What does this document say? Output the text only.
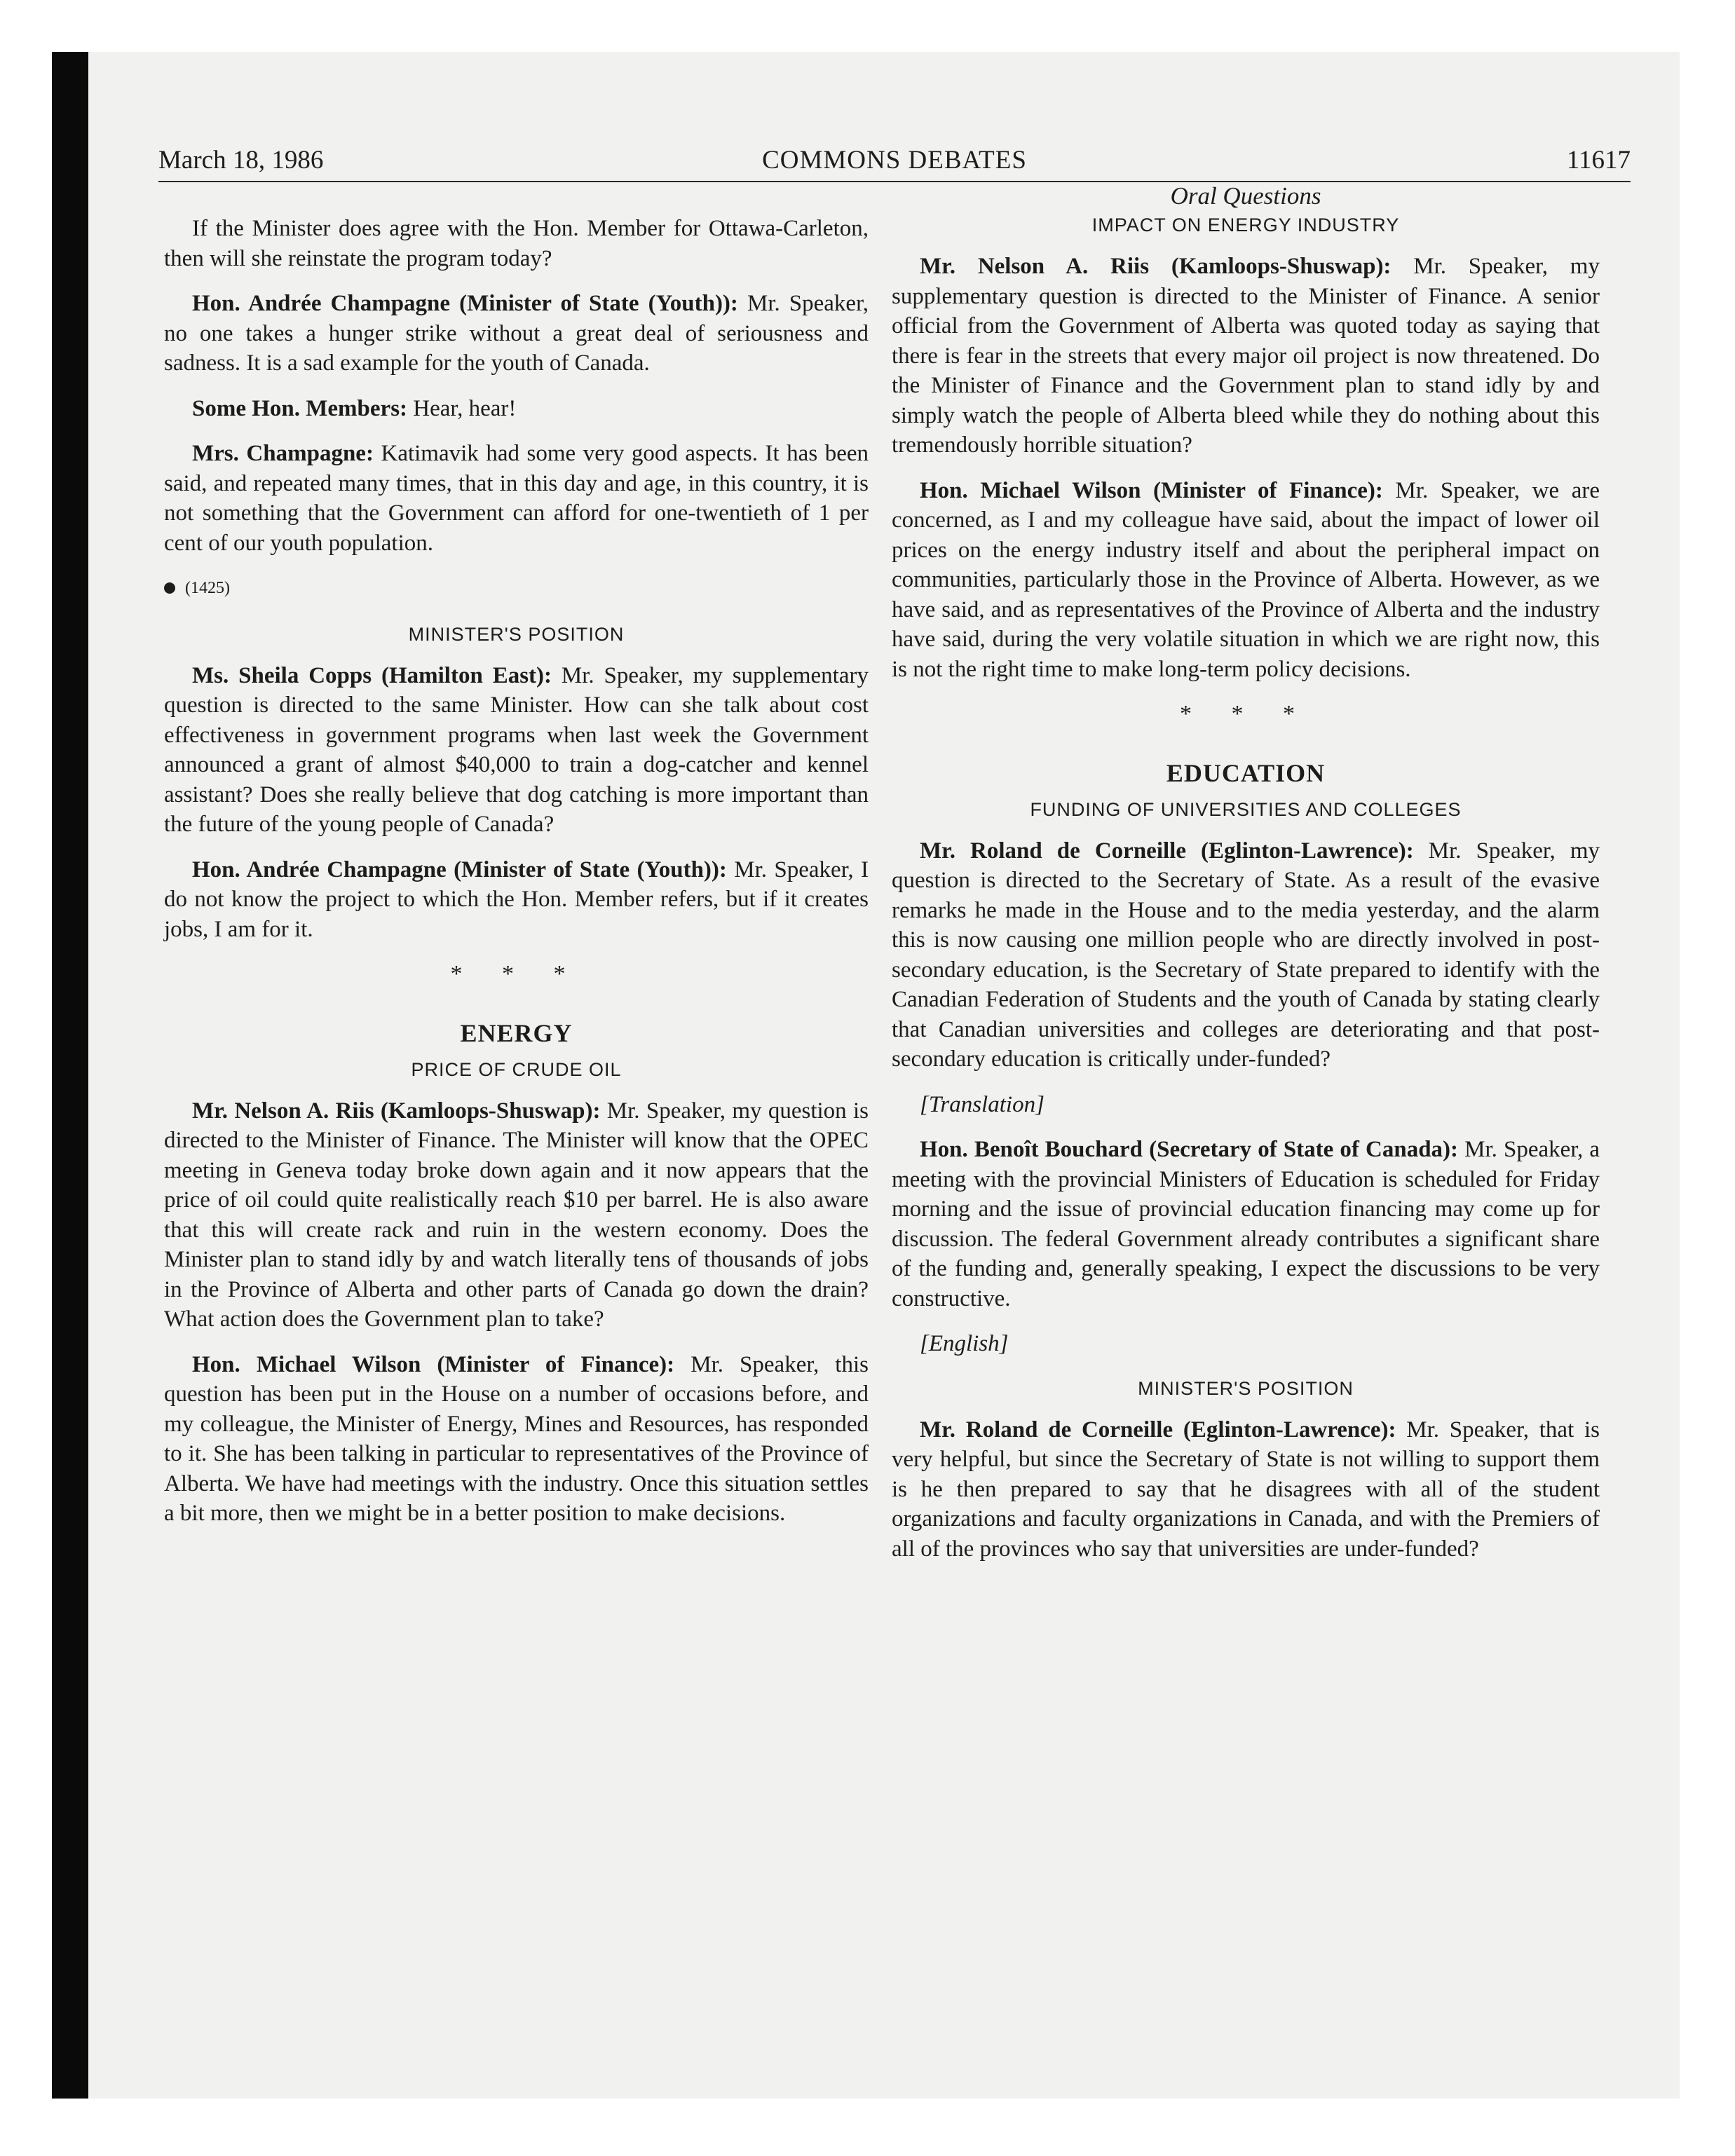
March 18, 1986	COMMONS DEBATES	11617

If the Minister does agree with the Hon. Member for Ottawa-Carleton, then will she reinstate the program today?

Hon. Andrée Champagne (Minister of State (Youth)): Mr. Speaker, no one takes a hunger strike without a great deal of seriousness and sadness. It is a sad example for the youth of Canada.

Some Hon. Members: Hear, hear!

Mrs. Champagne: Katimavik had some very good aspects. It has been said, and repeated many times, that in this day and age, in this country, it is not something that the Government can afford for one-twentieth of 1 per cent of our youth population.

(1425)
MINISTER'S POSITION

Ms. Sheila Copps (Hamilton East): Mr. Speaker, my supplementary question is directed to the same Minister. How can she talk about cost effectiveness in government programs when last week the Government announced a grant of almost $40,000 to train a dog-catcher and kennel assistant? Does she really believe that dog catching is more important than the future of the young people of Canada?

Hon. Andrée Champagne (Minister of State (Youth)): Mr. Speaker, I do not know the project to which the Hon. Member refers, but if it creates jobs, I am for it.

* * *
ENERGY
PRICE OF CRUDE OIL

Mr. Nelson A. Riis (Kamloops-Shuswap): Mr. Speaker, my question is directed to the Minister of Finance. The Minister will know that the OPEC meeting in Geneva today broke down again and it now appears that the price of oil could quite realistically reach $10 per barrel. He is also aware that this will create rack and ruin in the western economy. Does the Minister plan to stand idly by and watch literally tens of thousands of jobs in the Province of Alberta and other parts of Canada go down the drain? What action does the Government plan to take?

Hon. Michael Wilson (Minister of Finance): Mr. Speaker, this question has been put in the House on a number of occasions before, and my colleague, the Minister of Energy, Mines and Resources, has responded to it. She has been talking in particular to representatives of the Province of Alberta. We have had meetings with the industry. Once this situation settles a bit more, then we might be in a better position to make decisions.

Oral Questions
IMPACT ON ENERGY INDUSTRY

Mr. Nelson A. Riis (Kamloops-Shuswap): Mr. Speaker, my supplementary question is directed to the Minister of Finance. A senior official from the Government of Alberta was quoted today as saying that there is fear in the streets that every major oil project is now threatened. Do the Minister of Finance and the Government plan to stand idly by and simply watch the people of Alberta bleed while they do nothing about this tremendously horrible situation?

Hon. Michael Wilson (Minister of Finance): Mr. Speaker, we are concerned, as I and my colleague have said, about the impact of lower oil prices on the energy industry itself and about the peripheral impact on communities, particularly those in the Province of Alberta. However, as we have said, and as representatives of the Province of Alberta and the industry have said, during the very volatile situation in which we are right now, this is not the right time to make long-term policy decisions.

* * *
EDUCATION
FUNDING OF UNIVERSITIES AND COLLEGES

Mr. Roland de Corneille (Eglinton-Lawrence): Mr. Speaker, my question is directed to the Secretary of State. As a result of the evasive remarks he made in the House and to the media yesterday, and the alarm this is now causing one million people who are directly involved in post-secondary education, is the Secretary of State prepared to identify with the Canadian Federation of Students and the youth of Canada by stating clearly that Canadian universities and colleges are deteriorating and that post-secondary education is critically under-funded?

[Translation]

Hon. Benoît Bouchard (Secretary of State of Canada): Mr. Speaker, a meeting with the provincial Ministers of Education is scheduled for Friday morning and the issue of provincial education financing may come up for discussion. The federal Government already contributes a significant share of the funding and, generally speaking, I expect the discussions to be very constructive.

[English]

MINISTER'S POSITION

Mr. Roland de Corneille (Eglinton-Lawrence): Mr. Speaker, that is very helpful, but since the Secretary of State is not willing to support them is he then prepared to say that he disagrees with all of the student organizations and faculty organizations in Canada, and with the Premiers of all of the provinces who say that universities are under-funded?
